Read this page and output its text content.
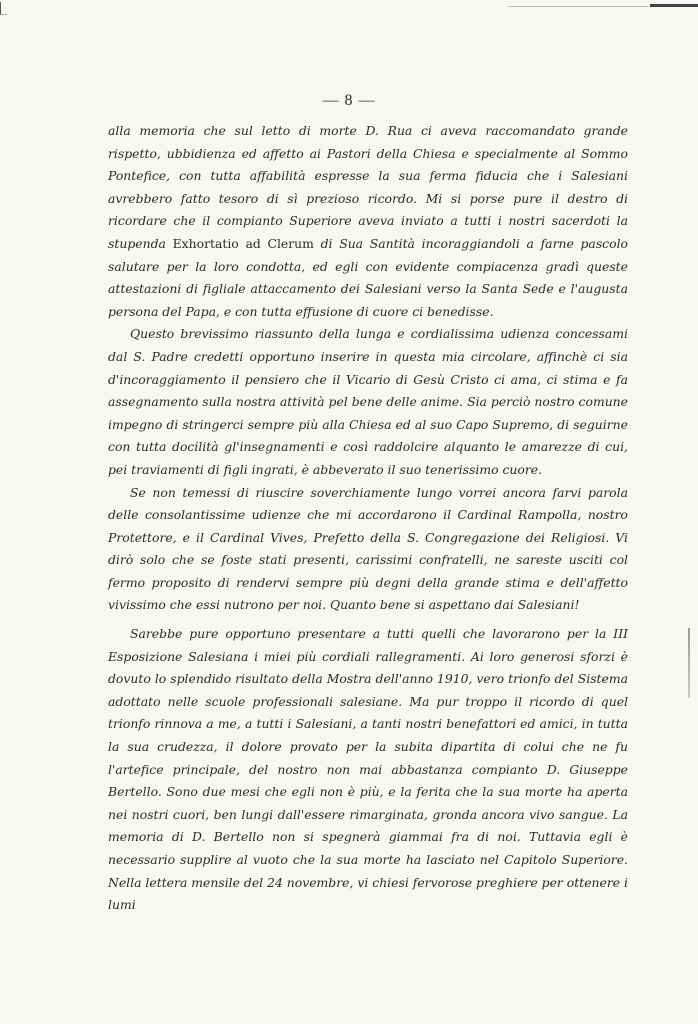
— 8 —

alla memoria che sul letto di morte D. Rua ci aveva raccomandato grande rispetto, ubbidienza ed affetto ai Pastori della Chiesa e specialmente al Sommo Pontefice, con tutta affabilità espresse la sua ferma fiducia che i Salesiani avrebbero fatto tesoro di sì prezioso ricordo. Mi si porse pure il destro di ricordare che il compianto Superiore aveva inviato a tutti i nostri sacerdoti la stupenda Exhortatio ad Clerum di Sua Santità incoraggiandoli a farne pascolo salutare per la loro condotta, ed egli con evidente compiacenza gradì queste attestazioni di figliale attaccamento dei Salesiani verso la Santa Sede e l'augusta persona del Papa, e con tutta effusione di cuore ci benedisse.

Questo brevissimo riassunto della lunga e cordialissima udienza concessami dal S. Padre credetti opportuno inserire in questa mia circolare, affinchè ci sia d'incoraggiamento il pensiero che il Vicario di Gesù Cristo ci ama, ci stima e fa assegnamento sulla nostra attività pel bene delle anime. Sia perciò nostro comune impegno di stringerci sempre più alla Chiesa ed al suo Capo Supremo, di seguirne con tutta docilità gl'insegnamenti e così raddolcire alquanto le amarezze di cui, pei traviamenti di figli ingrati, è abbeverato il suo tenerissimo cuore.

Se non temessi di riuscire soverchiamente lungo vorrei ancora farvi parola delle consolantissime udienze che mi accordarono il Cardinal Rampolla, nostro Protettore, e il Cardinal Vives, Prefetto della S. Congregazione dei Religiosi. Vi dirò solo che se foste stati presenti, carissimi confratelli, ne sareste usciti col fermo proposito di rendervi sempre più degni della grande stima e dell'affetto vivissimo che essi nutrono per noi. Quanto bene si aspettano dai Salesiani!

Sarebbe pure opportuno presentare a tutti quelli che lavorarono per la III Esposizione Salesiana i miei più cordiali rallegramenti. Ai loro generosi sforzi è dovuto lo splendido risultato della Mostra dell'anno 1910, vero trionfo del Sistema adottato nelle scuole professionali salesiane. Ma pur troppo il ricordo di quel trionfo rinnova a me, a tutti i Salesiani, a tanti nostri benefattori ed amici, in tutta la sua crudezza, il dolore provato per la subita dipartita di colui che ne fu l'artefice principale, del nostro non mai abbastanza compianto D. Giuseppe Bertello. Sono due mesi che egli non è più, e la ferita che la sua morte ha aperta nei nostri cuori, ben lungi dall'essere rimarginata, gronda ancora vivo sangue. La memoria di D. Bertello non si spegnerà giammai fra di noi. Tuttavia egli è necessario supplire al vuoto che la sua morte ha lasciato nel Capitolo Superiore. Nella lettera mensile del 24 novembre, vi chiesi fervorose preghiere per ottenere i lumi
